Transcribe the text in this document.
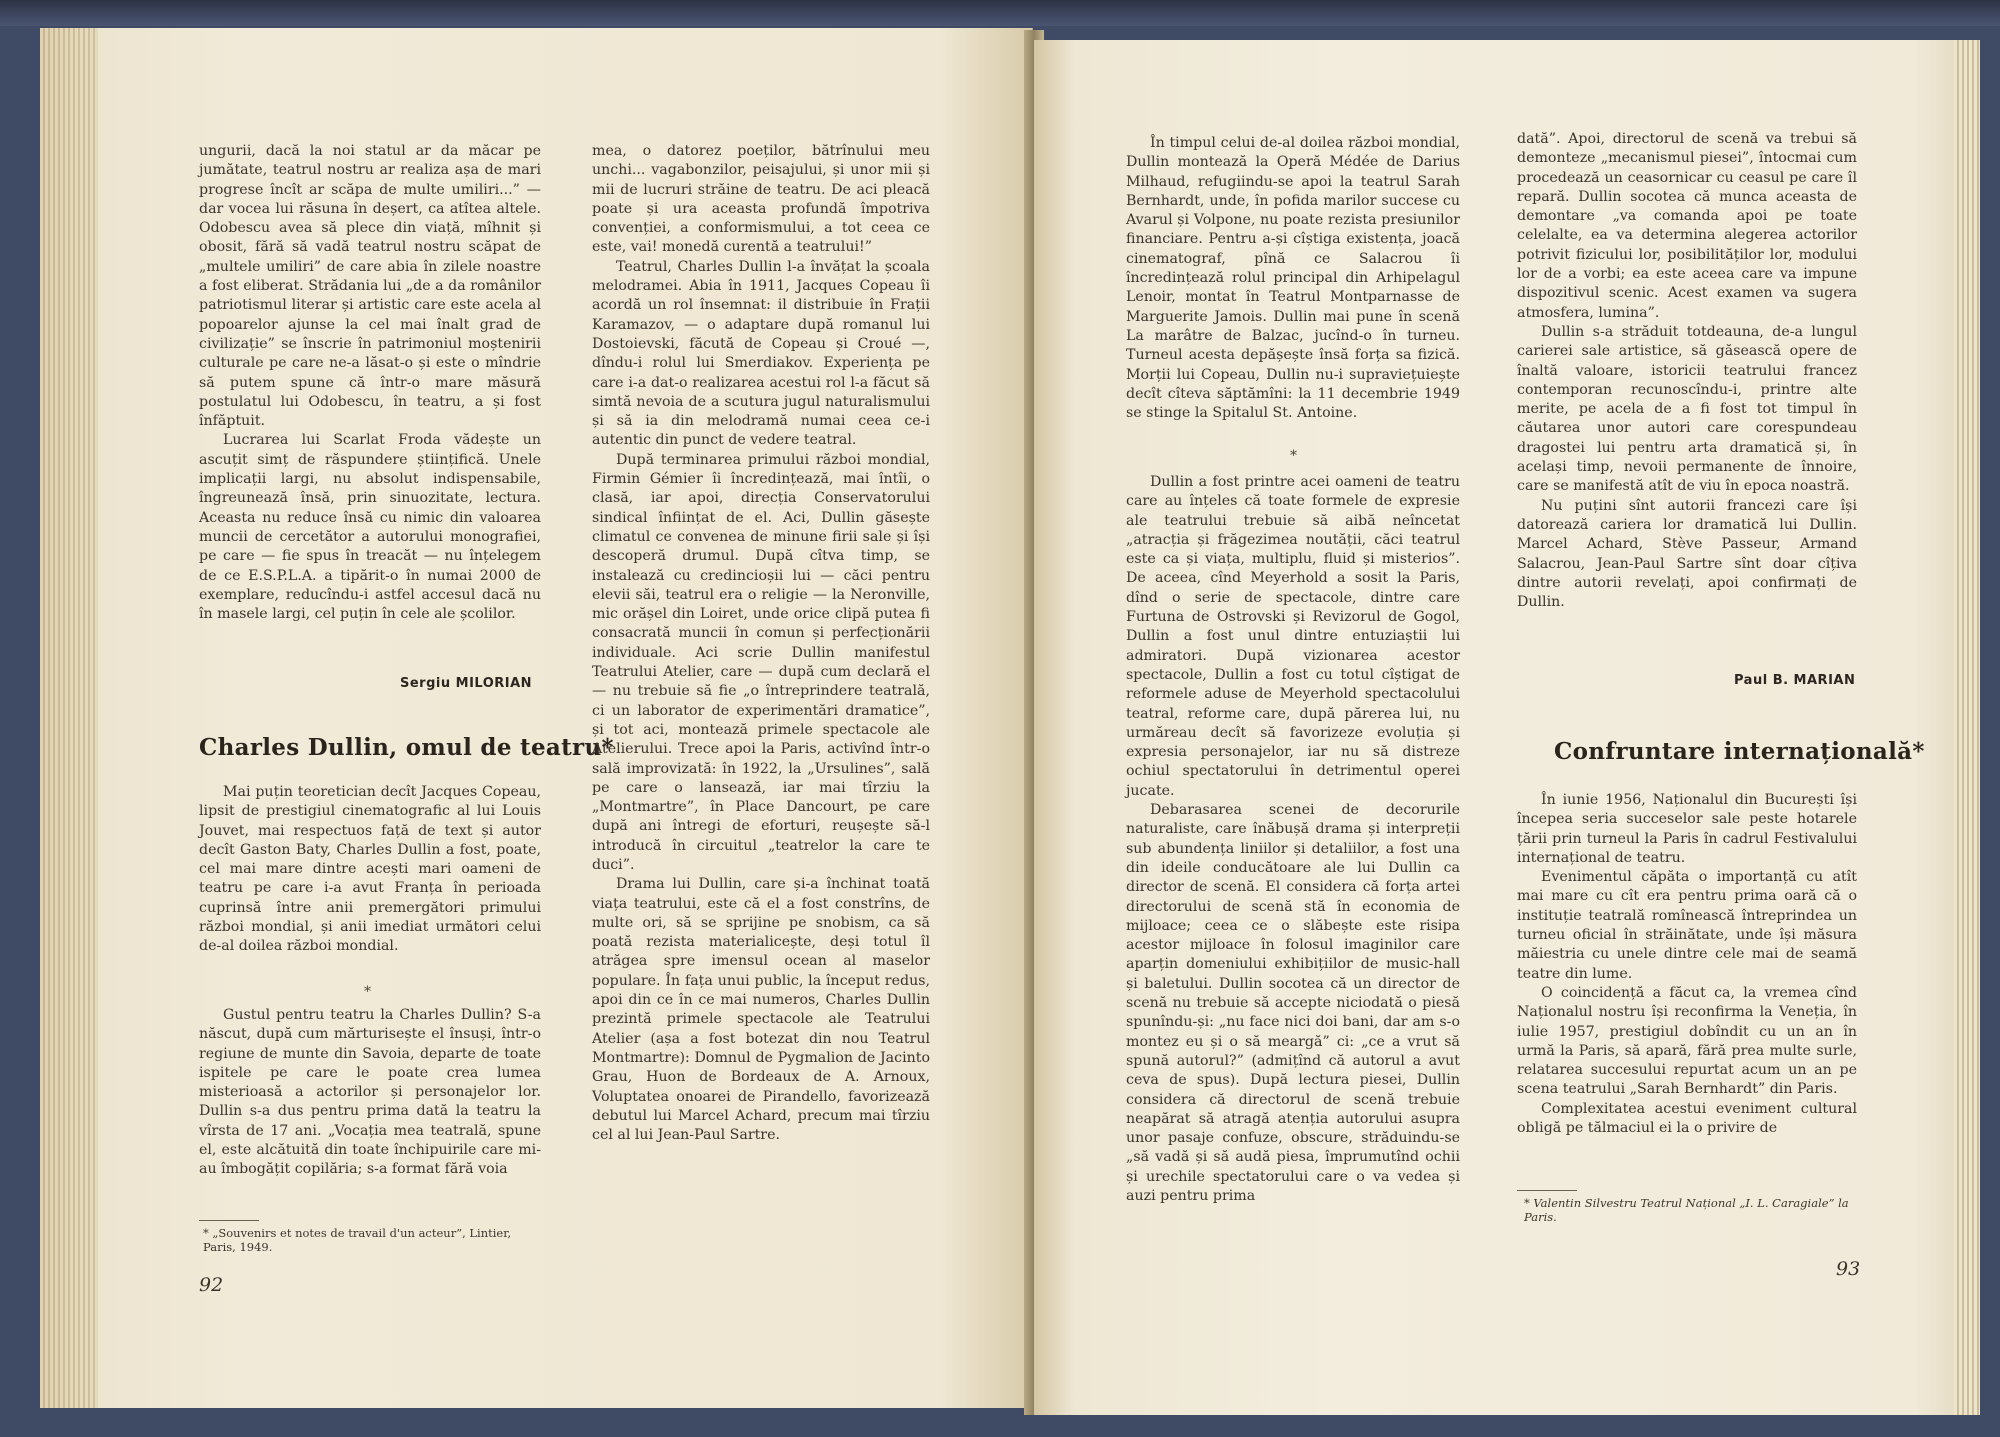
ungurii, dacă la noi statul ar da măcar pe jumătate, teatrul nostru ar realiza așa de mari progrese încît ar scăpa de multe umiliri...” — dar vocea lui răsuna în deșert, ca atîtea altele. Odobescu avea să plece din viață, mîhnit și obosit, fără să vadă teatrul nostru scăpat de „multele umiliri” de care abia în zilele noastre a fost eliberat. Strădania lui „de a da românilor patriotismul literar și artistic care este acela al popoarelor ajunse la cel mai înalt grad de civilizație” se înscrie în patrimoniul moștenirii culturale pe care ne-a lăsat-o și este o mîndrie să putem spune că într-o mare măsură postulatul lui Odobescu, în teatru, a și fost înfăptuit.

Lucrarea lui Scarlat Froda vădește un ascuțit simț de răspundere științifică. Unele implicații largi, nu absolut indispensabile, îngreunează însă, prin sinuozitate, lectura. Aceasta nu reduce însă cu nimic din valoarea muncii de cercetător a autorului monografiei, pe care — fie spus în treacăt — nu înțelegem de ce E.S.P.L.A. a tipărit-o în numai 2000 de exemplare, reducîndu-i astfel accesul dacă nu în masele largi, cel puțin în cele ale școlilor.

Sergiu MILORIAN
Charles Dullin, omul de teatru*

Mai puțin teoretician decît Jacques Copeau, lipsit de prestigiul cinematografic al lui Louis Jouvet, mai respectuos față de text și autor decît Gaston Baty, Charles Dullin a fost, poate, cel mai mare dintre acești mari oameni de teatru pe care i-a avut Franța în perioada cuprinsă între anii premergători primului război mondial, și anii imediat următori celui de-al doilea război mondial.

*

Gustul pentru teatru la Charles Dullin? S-a născut, după cum mărturisește el însuși, într-o regiune de munte din Savoia, departe de toate ispitele pe care le poate crea lumea misterioasă a actorilor și personajelor lor. Dullin s-a dus pentru prima dată la teatru la vîrsta de 17 ani. „Vocația mea teatrală, spune el, este alcătuită din toate închipuirile care mi-au îmbogățit copilăria; s-a format fără voia

* „Souvenirs et notes de travail d'un acteur”, Lintier, Paris, 1949.
92

mea, o datorez poeților, bătrînului meu unchi... vagabonzilor, peisajului, și unor mii și mii de lucruri străine de teatru. De aci pleacă poate și ura aceasta profundă împotriva convenției, a conformismului, a tot ceea ce este, vai! monedă curentă a teatrului!”

Teatrul, Charles Dullin l-a învățat la școala melodramei. Abia în 1911, Jacques Copeau îi acordă un rol însemnat: il distribuie în Frații Karamazov, — o adaptare după romanul lui Dostoievski, făcută de Copeau și Croué —, dîndu-i rolul lui Smerdiakov. Experiența pe care i-a dat-o realizarea acestui rol l-a făcut să simtă nevoia de a scutura jugul naturalismului și să ia din melodramă numai ceea ce-i autentic din punct de vedere teatral.

După terminarea primului război mondial, Firmin Gémier îi încredințează, mai întîi, o clasă, iar apoi, direcția Conservatorului sindical înființat de el. Aci, Dullin găsește climatul ce convenea de minune firii sale și își descoperă drumul. După cîtva timp, se instalează cu credincioșii lui — căci pentru elevii săi, teatrul era o religie — la Neronville, mic orășel din Loiret, unde orice clipă putea fi consacrată muncii în comun și perfecționării individuale. Aci scrie Dullin manifestul Teatrului Atelier, care — după cum declară el — nu trebuie să fie „o întreprindere teatrală, ci un laborator de experimentări dramatice”, și tot aci, montează primele spectacole ale Atelierului. Trece apoi la Paris, activînd într-o sală improvizată: în 1922, la „Ursulines”, sală pe care o lansează, iar mai tîrziu la „Montmartre”, în Place Dancourt, pe care după ani întregi de eforturi, reușește să-l introducă în circuitul „teatrelor la care te duci”.

Drama lui Dullin, care și-a închinat toată viața teatrului, este că el a fost constrîns, de multe ori, să se sprijine pe snobism, ca să poată rezista materialicește, deși totul îl atrăgea spre imensul ocean al maselor populare. În fața unui public, la început redus, apoi din ce în ce mai numeros, Charles Dullin prezintă primele spectacole ale Teatrului Atelier (așa a fost botezat din nou Teatrul Montmartre): Domnul de Pygmalion de Jacinto Grau, Huon de Bordeaux de A. Arnoux, Voluptatea onoarei de Pirandello, favorizează debutul lui Marcel Achard, precum mai tîrziu cel al lui Jean-Paul Sartre.

În timpul celui de-al doilea război mondial, Dullin montează la Operă Médée de Darius Milhaud, refugiindu-se apoi la teatrul Sarah Bernhardt, unde, în pofida marilor succese cu Avarul și Volpone, nu poate rezista presiunilor financiare. Pentru a-și cîștiga existența, joacă cinematograf, pînă ce Salacrou îi încredințează rolul principal din Arhipelagul Lenoir, montat în Teatrul Montparnasse de Marguerite Jamois. Dullin mai pune în scenă La marâtre de Balzac, jucînd-o în turneu. Turneul acesta depășește însă forța sa fizică. Morții lui Copeau, Dullin nu-i supraviețuiește decît cîteva săptămîni: la 11 decembrie 1949 se stinge la Spitalul St. Antoine.

*

Dullin a fost printre acei oameni de teatru care au înțeles că toate formele de expresie ale teatrului trebuie să aibă neîncetat „atracția și frăgezimea noutății, căci teatrul este ca și viața, multiplu, fluid și misterios”. De aceea, cînd Meyerhold a sosit la Paris, dînd o serie de spectacole, dintre care Furtuna de Ostrovski și Revizorul de Gogol, Dullin a fost unul dintre entuziaștii lui admiratori. După vizionarea acestor spectacole, Dullin a fost cu totul cîștigat de reformele aduse de Meyerhold spectacolului teatral, reforme care, după părerea lui, nu urmăreau decît să favorizeze evoluția și expresia personajelor, iar nu să distreze ochiul spectatorului în detrimentul operei jucate.

Debarasarea scenei de decorurile naturaliste, care înăbușă drama și interpreții sub abundența liniilor și detaliilor, a fost una din ideile conducătoare ale lui Dullin ca director de scenă. El considera că forța artei directorului de scenă stă în economia de mijloace; ceea ce o slăbește este risipa acestor mijloace în folosul imaginilor care aparțin domeniului exhibițiilor de music-hall și baletului. Dullin socotea că un director de scenă nu trebuie să accepte niciodată o piesă spunîndu-și: „nu face nici doi bani, dar am s-o montez eu și o să meargă” ci: „ce a vrut să spună autorul?” (admițînd că autorul a avut ceva de spus). După lectura piesei, Dullin considera că directorul de scenă trebuie neapărat să atragă atenția autorului asupra unor pasaje confuze, obscure, străduindu-se „să vadă și să audă piesa, împrumutînd ochii și urechile spectatorului care o va vedea și auzi pentru prima

dată”. Apoi, directorul de scenă va trebui să demonteze „mecanismul piesei”, întocmai cum procedează un ceasornicar cu ceasul pe care îl repară. Dullin socotea că munca aceasta de demontare „va comanda apoi pe toate celelalte, ea va determina alegerea actorilor potrivit fizicului lor, posibilităților lor, modului lor de a vorbi; ea este aceea care va impune dispozitivul scenic. Acest examen va sugera atmosfera, lumina”.

Dullin s-a străduit totdeauna, de-a lungul carierei sale artistice, să găsească opere de înaltă valoare, istoricii teatrului francez contemporan recunoscîndu-i, printre alte merite, pe acela de a fi fost tot timpul în căutarea unor autori care corespundeau dragostei lui pentru arta dramatică și, în același timp, nevoii permanente de înnoire, care se manifestă atît de viu în epoca noastră.

Nu puțini sînt autorii francezi care își datorează cariera lor dramatică lui Dullin. Marcel Achard, Stève Passeur, Armand Salacrou, Jean-Paul Sartre sînt doar cîțiva dintre autorii revelați, apoi confirmați de Dullin.

Paul B. MARIAN
Confruntare internațională*

În iunie 1956, Naționalul din București își începea seria succeselor sale peste hotarele țării prin turneul la Paris în cadrul Festivalului internațional de teatru.

Evenimentul căpăta o importanță cu atît mai mare cu cît era pentru prima oară că o instituție teatrală romînească întreprindea un turneu oficial în străinătate, unde își măsura măiestria cu unele dintre cele mai de seamă teatre din lume.

O coincidență a făcut ca, la vremea cînd Naționalul nostru își reconfirma la Veneția, în iulie 1957, prestigiul dobîndit cu un an în urmă la Paris, să apară, fără prea multe surle, relatarea succesului repurtat acum un an pe scena teatrului „Sarah Bernhardt” din Paris.

Complexitatea acestui eveniment cultural obligă pe tălmaciul ei la o privire de

* Valentin Silvestru Teatrul Național „I. L. Caragiale” la Paris.
93
